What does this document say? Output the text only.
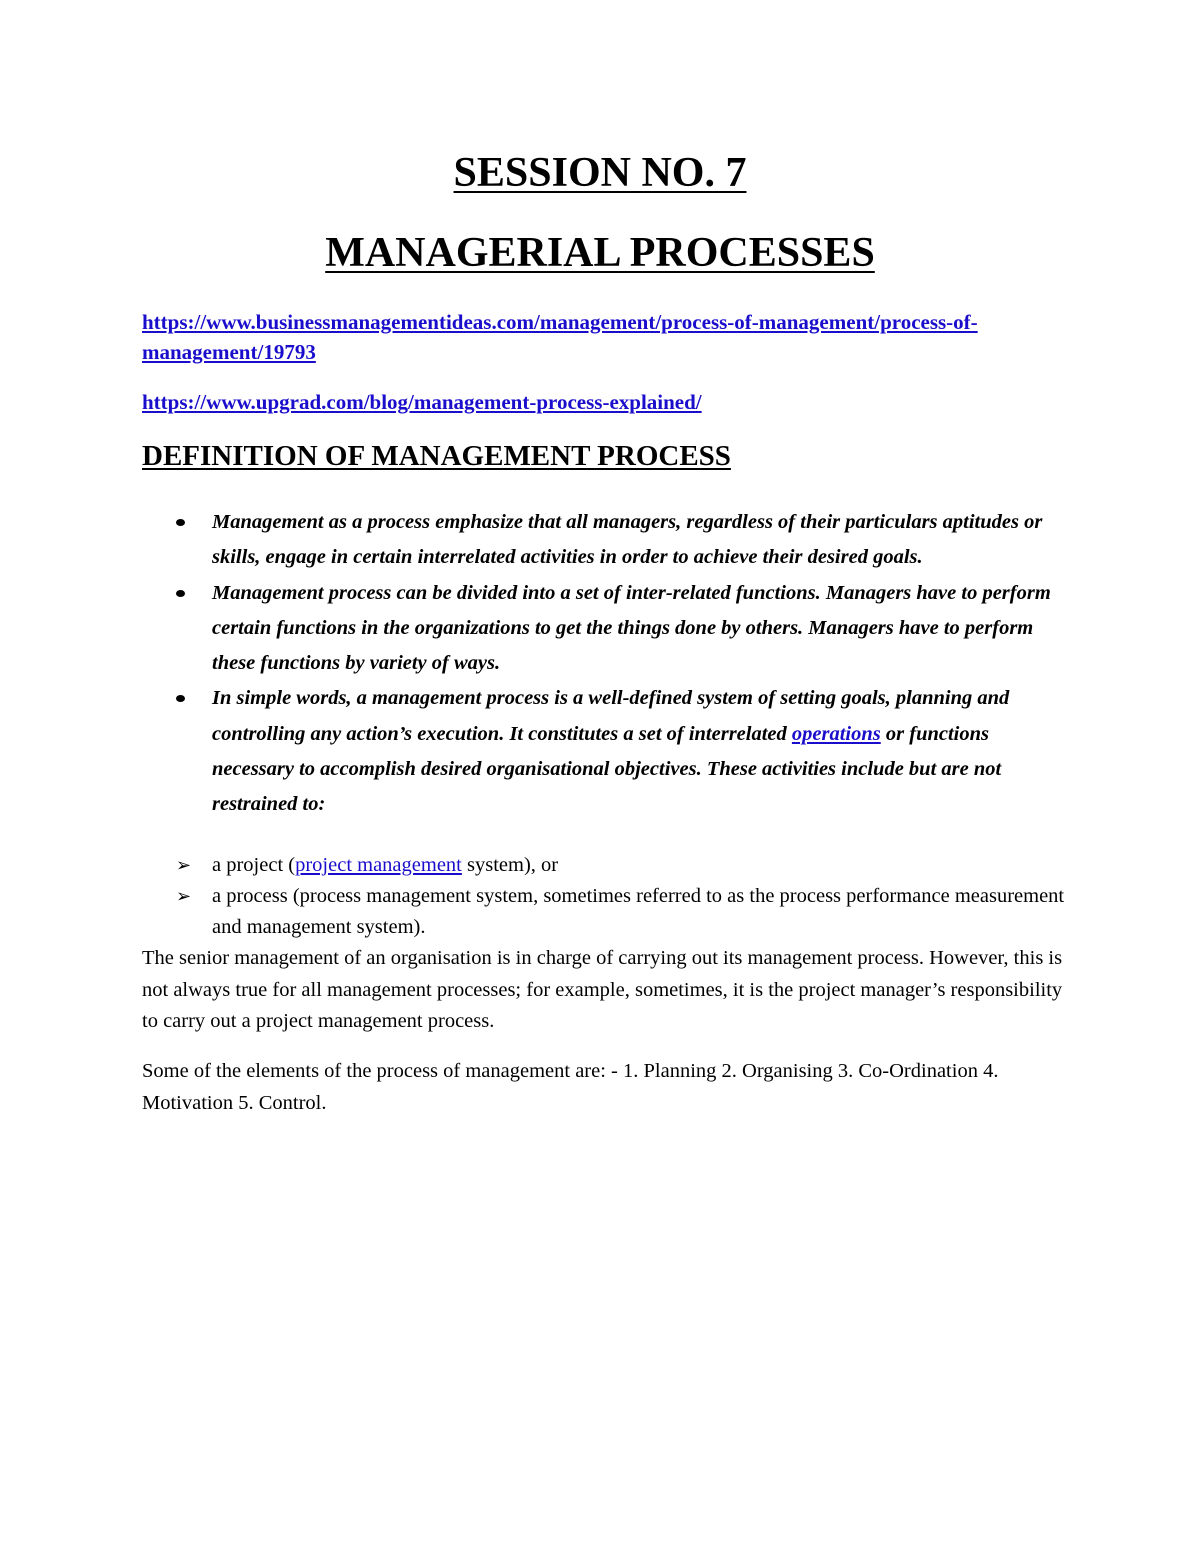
SESSION NO. 7
MANAGERIAL PROCESSES
https://www.businessmanagementideas.com/management/process-of-management/process-of-management/19793
https://www.upgrad.com/blog/management-process-explained/
DEFINITION OF MANAGEMENT PROCESS
Management as a process emphasize that all managers, regardless of their particulars aptitudes or skills, engage in certain interrelated activities in order to achieve their desired goals.
Management process can be divided into a set of inter-related functions. Managers have to perform certain functions in the organizations to get the things done by others. Managers have to perform these functions by variety of ways.
In simple words, a management process is a well-defined system of setting goals, planning and controlling any action’s execution. It constitutes a set of interrelated operations or functions necessary to accomplish desired organisational objectives. These activities include but are not restrained to:
➢ a project (project management system), or
➢ a process (process management system, sometimes referred to as the process performance measurement and management system).

The senior management of an organisation is in charge of carrying out its management process. However, this is not always true for all management processes; for example, sometimes, it is the project manager’s responsibility to carry out a project management process.

Some of the elements of the process of management are: - 1. Planning 2. Organising 3. Co-Ordination 4. Motivation 5. Control.
